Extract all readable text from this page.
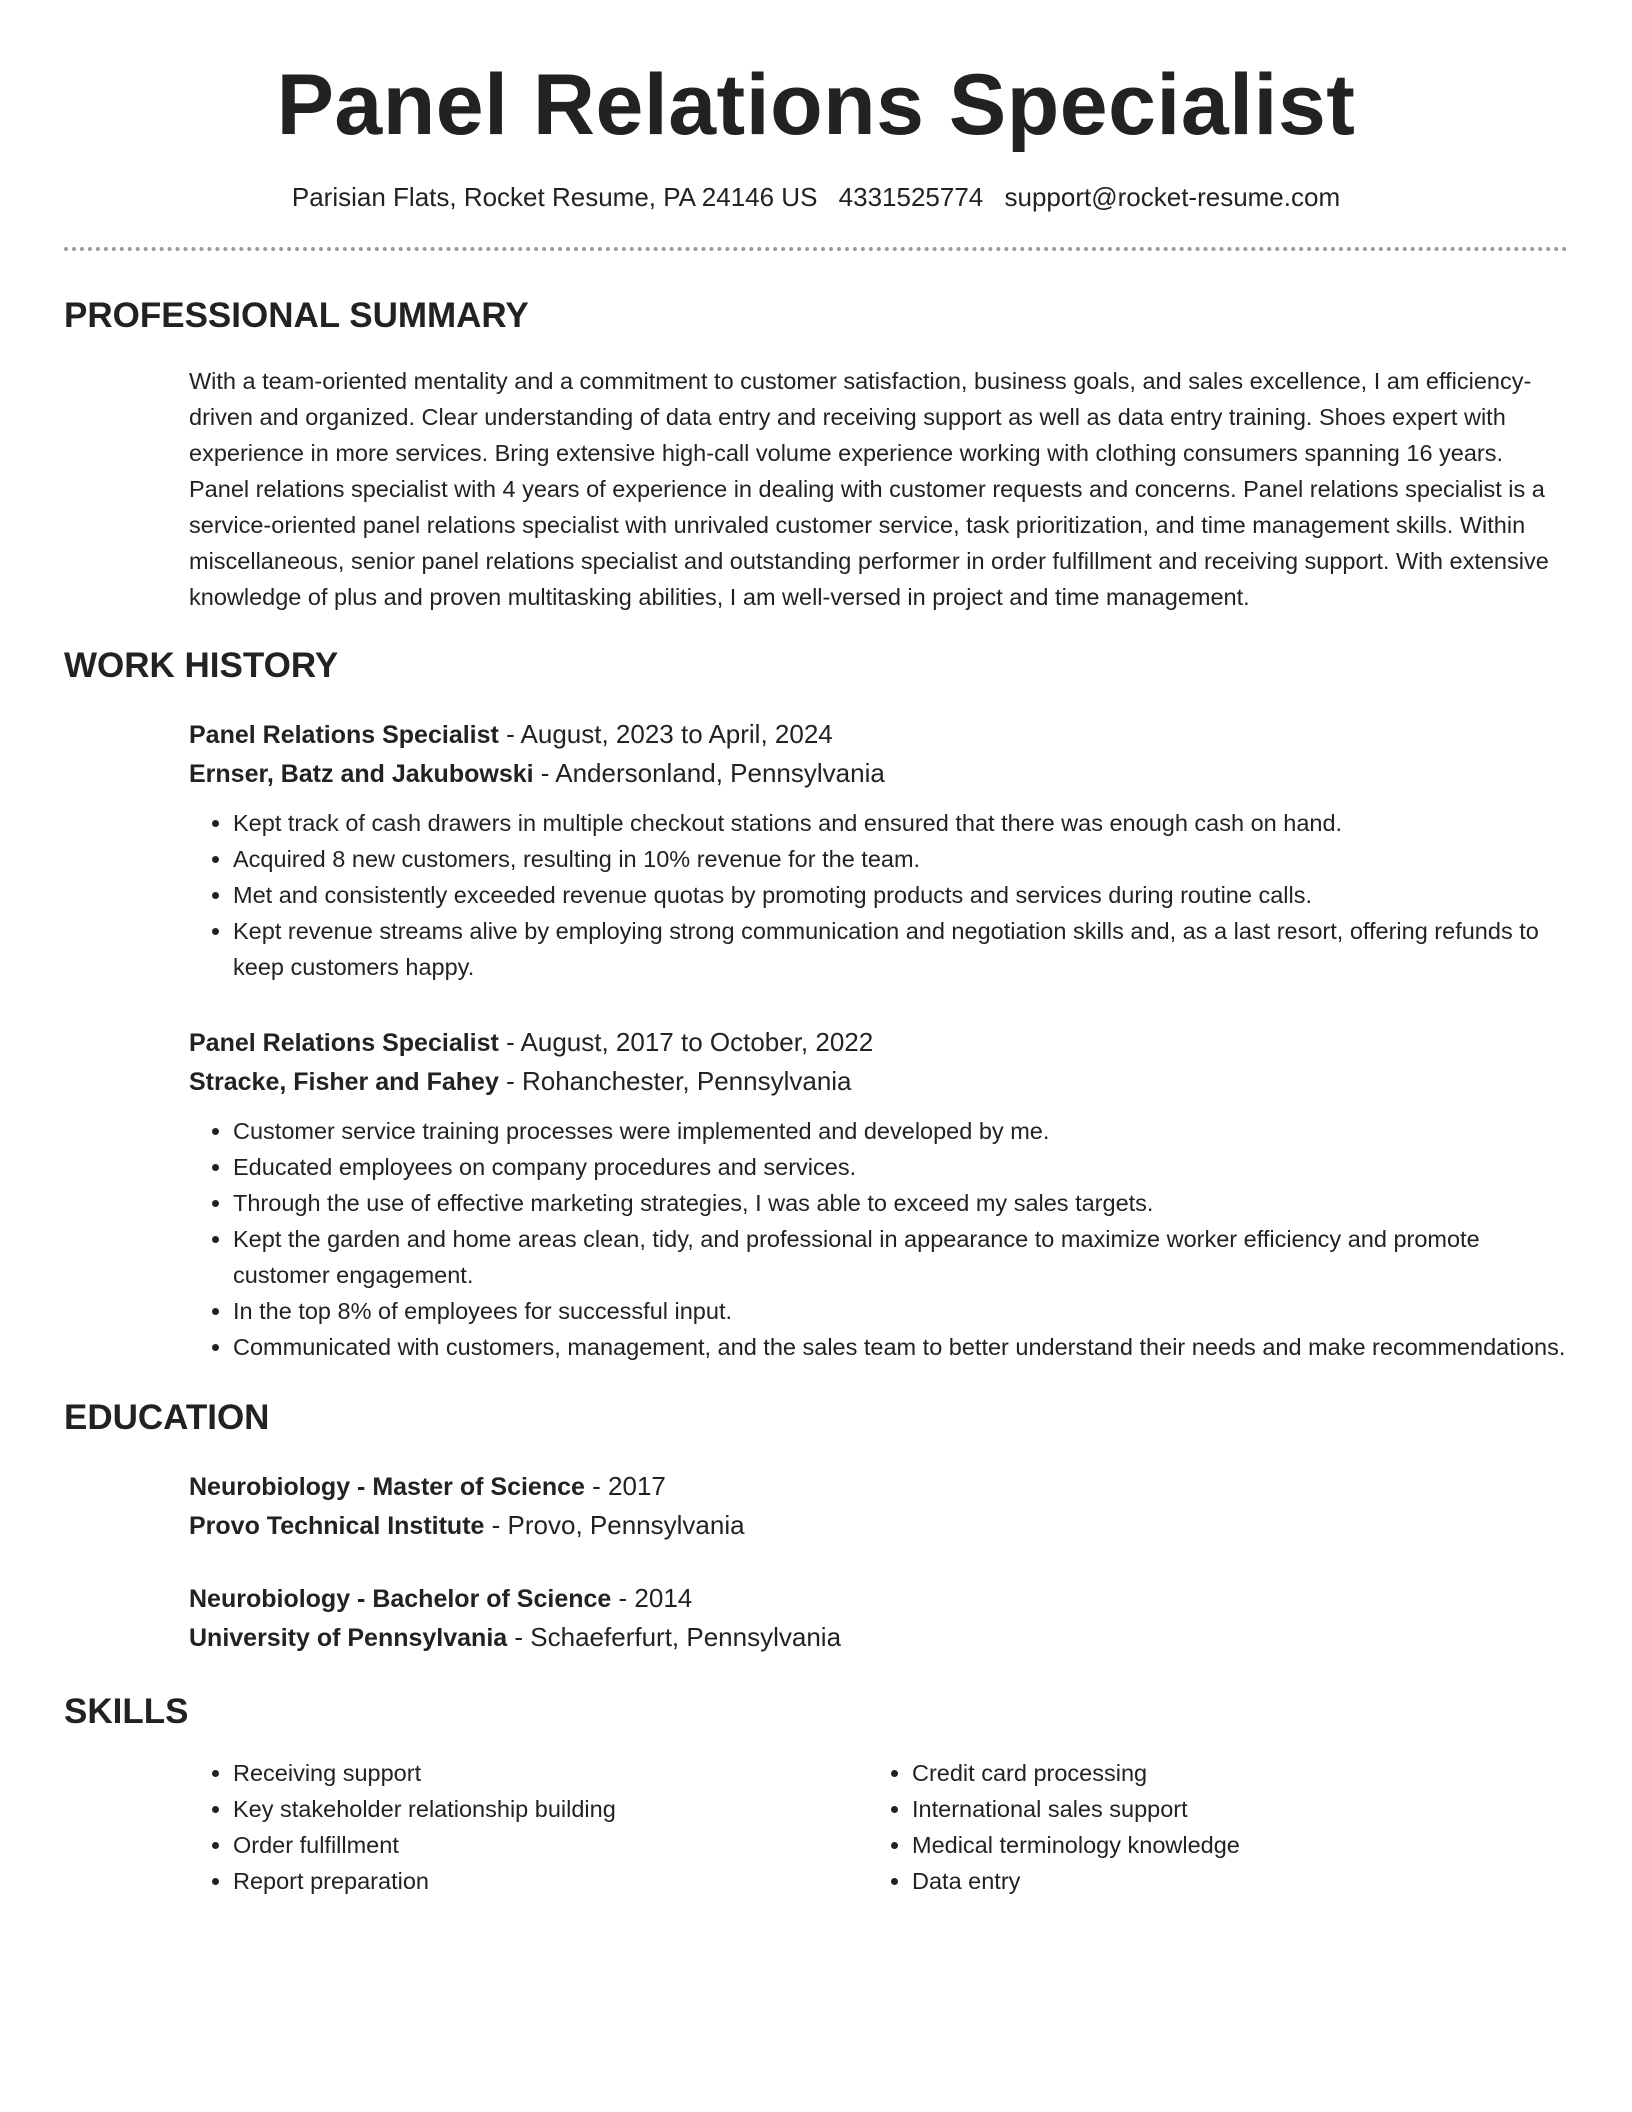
Panel Relations Specialist
Parisian Flats, Rocket Resume, PA 24146 US 4331525774 support@rocket-resume.com
PROFESSIONAL SUMMARY
With a team-oriented mentality and a commitment to customer satisfaction, business goals, and sales excellence, I am efficiency-driven and organized. Clear understanding of data entry and receiving support as well as data entry training. Shoes expert with experience in more services. Bring extensive high-call volume experience working with clothing consumers spanning 16 years. Panel relations specialist with 4 years of experience in dealing with customer requests and concerns. Panel relations specialist is a service-oriented panel relations specialist with unrivaled customer service, task prioritization, and time management skills. Within miscellaneous, senior panel relations specialist and outstanding performer in order fulfillment and receiving support. With extensive knowledge of plus and proven multitasking abilities, I am well-versed in project and time management.
WORK HISTORY
Panel Relations Specialist - August, 2023 to April, 2024
Ernser, Batz and Jakubowski - Andersonland, Pennsylvania
• Kept track of cash drawers in multiple checkout stations and ensured that there was enough cash on hand.
• Acquired 8 new customers, resulting in 10% revenue for the team.
• Met and consistently exceeded revenue quotas by promoting products and services during routine calls.
• Kept revenue streams alive by employing strong communication and negotiation skills and, as a last resort, offering refunds to keep customers happy.
Panel Relations Specialist - August, 2017 to October, 2022
Stracke, Fisher and Fahey - Rohanchester, Pennsylvania
• Customer service training processes were implemented and developed by me.
• Educated employees on company procedures and services.
• Through the use of effective marketing strategies, I was able to exceed my sales targets.
• Kept the garden and home areas clean, tidy, and professional in appearance to maximize worker efficiency and promote customer engagement.
• In the top 8% of employees for successful input.
• Communicated with customers, management, and the sales team to better understand their needs and make recommendations.
EDUCATION
Neurobiology - Master of Science - 2017
Provo Technical Institute - Provo, Pennsylvania
Neurobiology - Bachelor of Science - 2014
University of Pennsylvania - Schaeferfurt, Pennsylvania
SKILLS
• Receiving support
• Key stakeholder relationship building
• Order fulfillment
• Report preparation
• Credit card processing
• International sales support
• Medical terminology knowledge
• Data entry
